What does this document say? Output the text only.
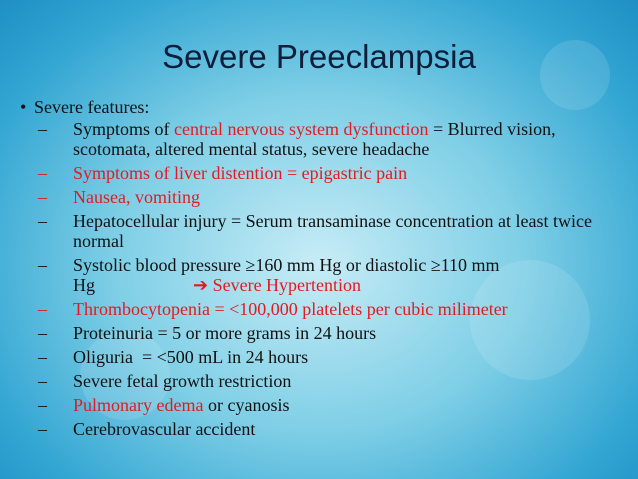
Severe Preeclampsia
• Severe features:
– Symptoms of central nervous system dysfunction = Blurred vision, scotomata, altered mental status, severe headache
– Symptoms of liver distention = epigastric pain
– Nausea, vomiting
– Hepatocellular injury = Serum transaminase concentration at least twice normal
– Systolic blood pressure ≥160 mm Hg or diastolic ≥110 mm Hg	➔ Severe Hypertention
– Thrombocytopenia = <100,000 platelets per cubic milimeter
– Proteinuria = 5 or more grams in 24 hours
– Oliguria  = <500 mL in 24 hours
– Severe fetal growth restriction
– Pulmonary edema or cyanosis
– Cerebrovascular accident
